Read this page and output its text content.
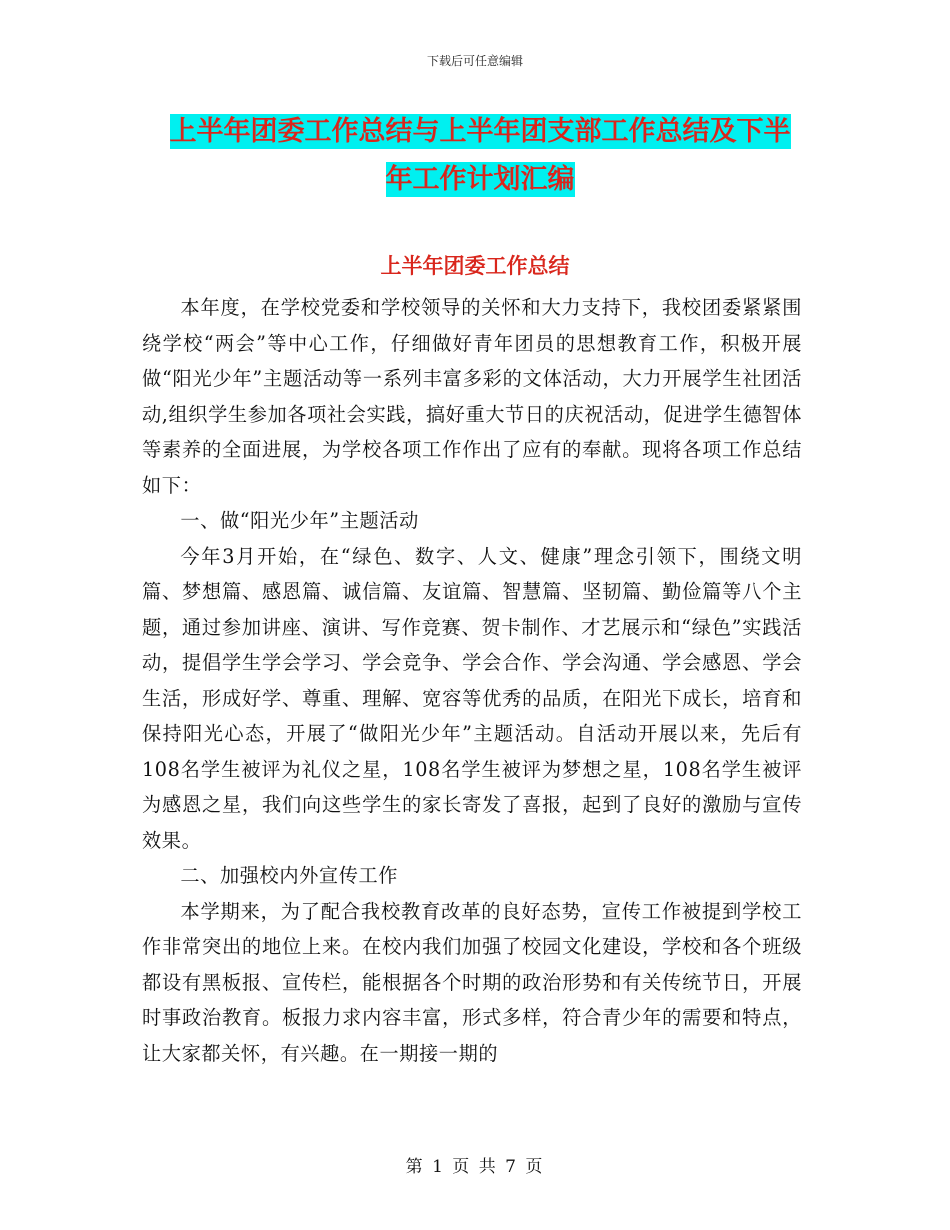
下载后可任意编辑
上半年团委工作总结与上半年团支部工作总结及下半
年工作计划汇编
上半年团委工作总结

本年度，在学校党委和学校领导的关怀和大力支持下，我校团委紧紧围绕学校“两会”等中心工作，仔细做好青年团员的思想教育工作，积极开展做“阳光少年”主题活动等一系列丰富多彩的文体活动，大力开展学生社团活动,组织学生参加各项社会实践，搞好重大节日的庆祝活动，促进学生德智体等素养的全面进展，为学校各项工作作出了应有的奉献。现将各项工作总结如下：

一、做“阳光少年”主题活动

今年3月开始，在“绿色、数字、人文、健康”理念引领下，围绕文明篇、梦想篇、感恩篇、诚信篇、友谊篇、智慧篇、坚韧篇、勤俭篇等八个主题，通过参加讲座、演讲、写作竞赛、贺卡制作、才艺展示和“绿色”实践活动，提倡学生学会学习、学会竞争、学会合作、学会沟通、学会感恩、学会生活，形成好学、尊重、理解、宽容等优秀的品质，在阳光下成长，培育和保持阳光心态，开展了“做阳光少年”主题活动。自活动开展以来，先后有108名学生被评为礼仪之星，108名学生被评为梦想之星，108名学生被评为感恩之星，我们向这些学生的家长寄发了喜报，起到了良好的激励与宣传效果。

二、加强校内外宣传工作

本学期来，为了配合我校教育改革的良好态势，宣传工作被提到学校工作非常突出的地位上来。在校内我们加强了校园文化建设，学校和各个班级都设有黑板报、宣传栏，能根据各个时期的政治形势和有关传统节日，开展时事政治教育。板报力求内容丰富，形式多样，符合青少年的需要和特点，让大家都关怀，有兴趣。在一期接一期的

第 1 页 共 7 页
